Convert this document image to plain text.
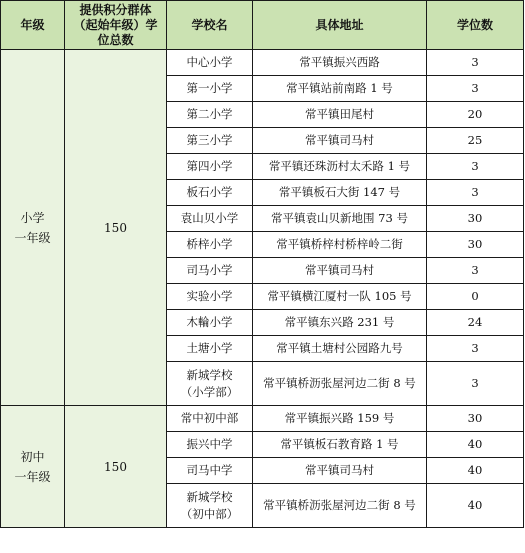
年级	提供积分群体
（起始年级）学
位总数	学校名	具体地址	学位数
小学
一年级	150	中心小学	常平镇振兴西路	3
		第一小学	常平镇站前南路 1 号	3
		第二小学	常平镇田尾村	20
		第三小学	常平镇司马村	25
		第四小学	常平镇还珠沥村太禾路 1 号	3
		板石小学	常平镇板石大街 147 号	3
		袁山贝小学	常平镇袁山贝新地围 73 号	30
		桥梓小学	常平镇桥梓村桥梓岭二街	30
		司马小学	常平镇司马村	3
		实验小学	常平镇横江厦村一队 105 号	0
		木輪小学	常平镇东兴路 231 号	24
		土塘小学	常平镇土塘村公园路九号	3
		新城学校
（小学部）	常平镇桥沥张屋河边二街 8 号	3
初中
一年级	150	常中初中部	常平镇振兴路 159 号	30
		振兴中学	常平镇板石教育路 1 号	40
		司马中学	常平镇司马村	40
		新城学校
（初中部）	常平镇桥沥张屋河边二街 8 号	40
